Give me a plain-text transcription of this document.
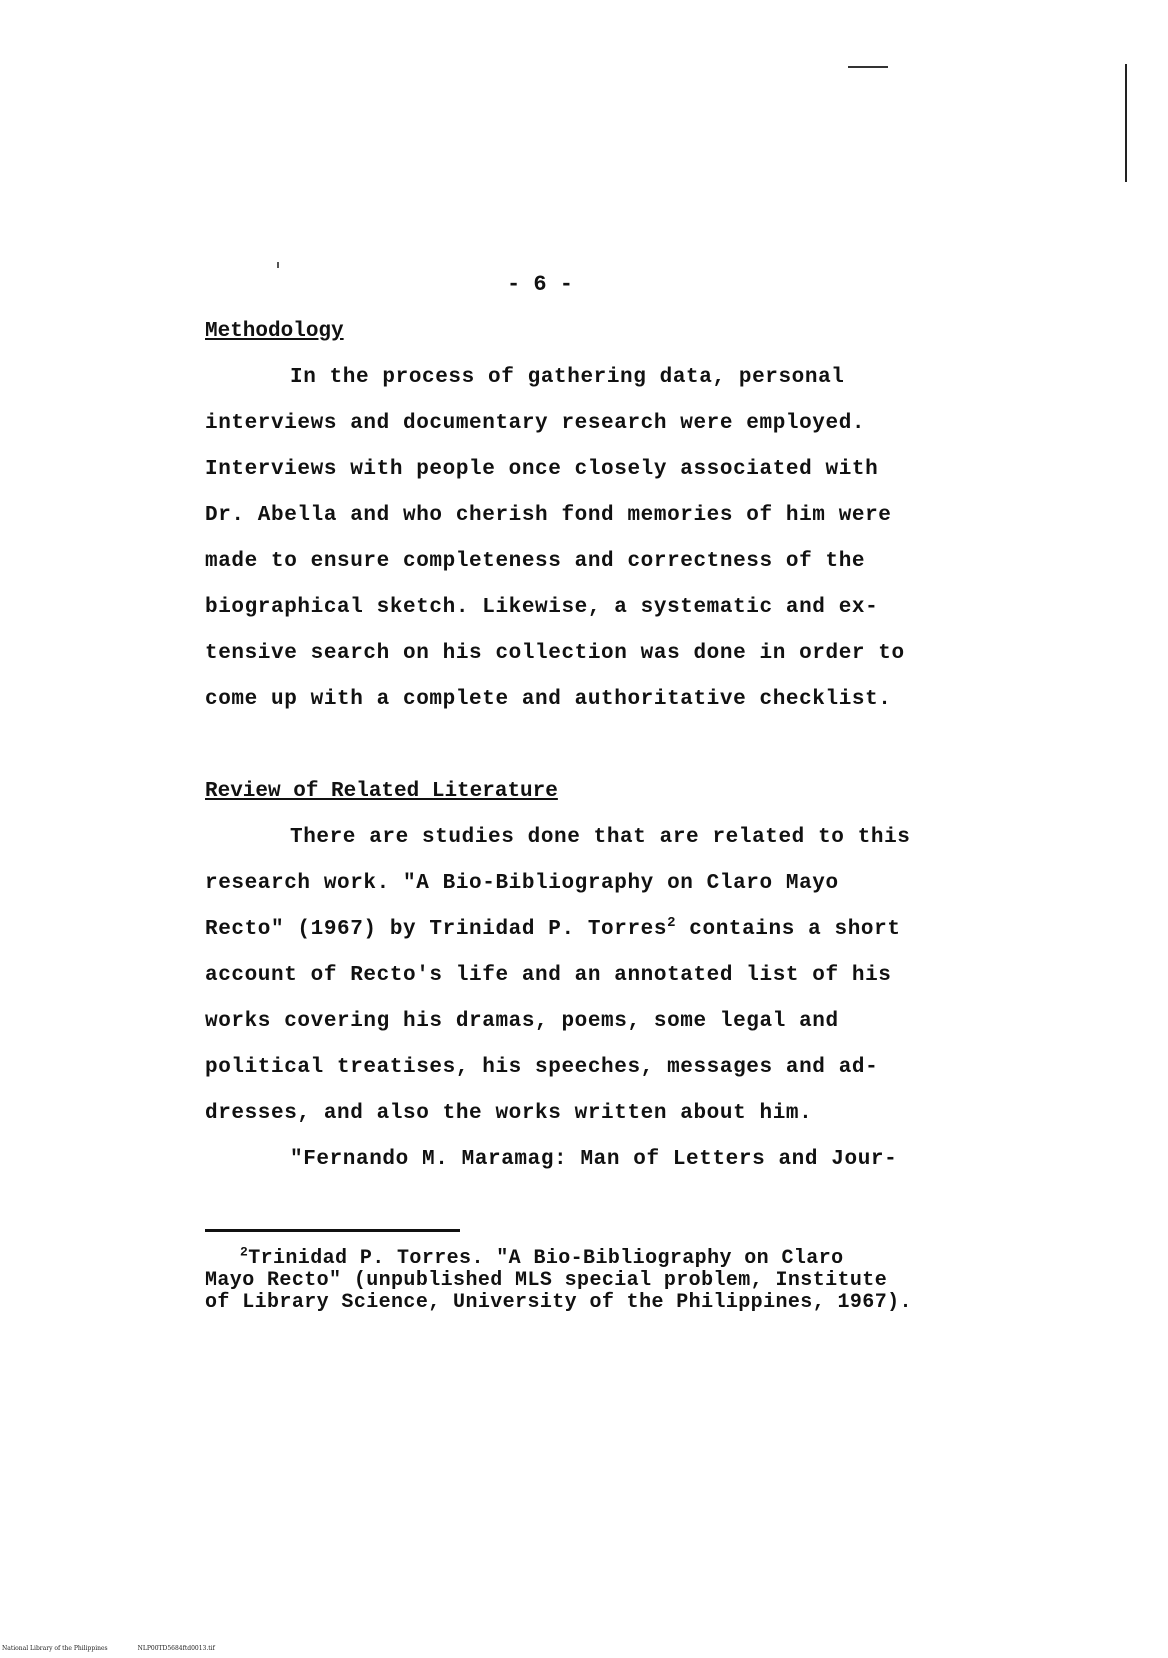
- 6 -
Methodology
In the process of gathering data, personal
interviews and documentary research were employed.
Interviews with people once closely associated with
Dr. Abella and who cherish fond memories of him were
made to ensure completeness and correctness of the
biographical sketch. Likewise, a systematic and ex-
tensive search on his collection was done in order to
come up with a complete and authoritative checklist.
Review of Related Literature
There are studies done that are related to this
research work. "A Bio-Bibliography on Claro Mayo
Recto" (1967) by Trinidad P. Torres$^2$ contains a short
account of Recto's life and an annotated list of his
works covering his dramas, poems, some legal and
political treatises, his speeches, messages and ad-
dresses, and also the works written about him.
"Fernando M. Maramag: Man of Letters and Jour-
$^2$Trinidad P. Torres. "A Bio-Bibliography on Claro
Mayo Recto" (unpublished MLS special problem, Institute
of Library Science, University of the Philippines, 1967).
National Library of the Philippines	NLP00TD5684ftd0013.tif
